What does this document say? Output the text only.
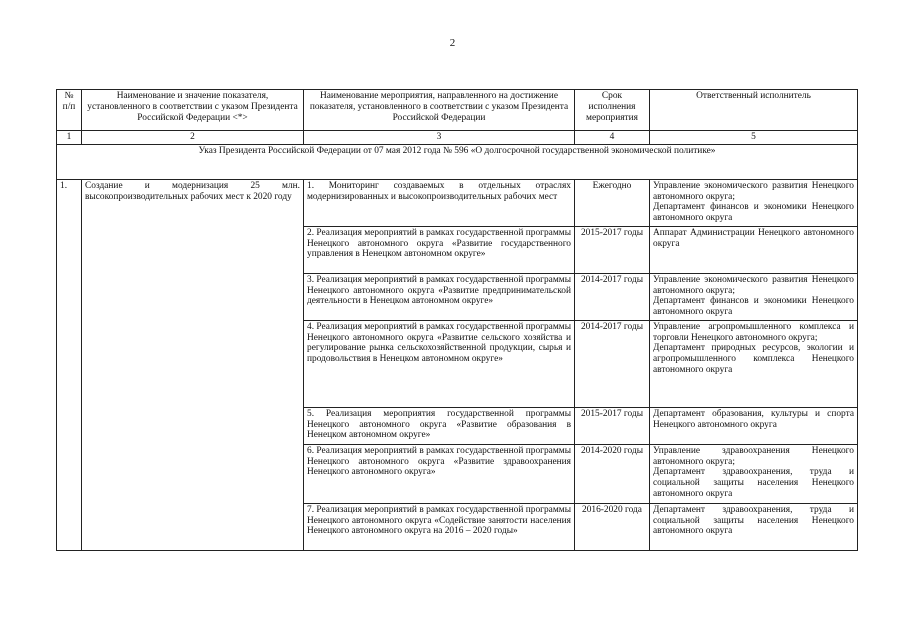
2
№ п/п	Наименование и значение показателя, установленного в соответствии с указом Президента Российской Федерации <*>	Наименование мероприятия, направленного на достижение показателя, установленного в соответствии с указом Президента Российской Федерации	Срок исполнения мероприятия	Ответственный исполнитель
1	2	3	4	5
Указ Президента Российской Федерации от 07 мая 2012 года № 596 «О долгосрочной государственной экономической политике»				
1.	Создание и модернизация 25 млн. высокопроизводительных рабочих мест к 2020 году	1. Мониторинг создаваемых в отдельных отраслях модернизированных и высокопроизводительных рабочих мест	Ежегодно	Управление экономического развития Ненецкого автономного округа;
Департамент финансов и экономики Ненецкого автономного округа
		2. Реализация мероприятий в рамках государственной программы Ненецкого автономного округа «Развитие государственного управления в Ненецком автономном округе»	2015-2017 годы	Аппарат Администрации Ненецкого автономного округа
		3. Реализация мероприятий в рамках государственной программы Ненецкого автономного округа «Развитие предпринимательской деятельности в Ненецком автономном округе»	2014-2017 годы	Управление экономического развития Ненецкого автономного округа;
Департамент финансов и экономики Ненецкого автономного округа
		4. Реализация мероприятий в рамках государственной программы Ненецкого автономного округа «Развитие сельского хозяйства и регулирование рынка сельскохозяйственной продукции, сырья и продовольствия в Ненецком автономном округе»	2014-2017 годы	Управление агропромышленного комплекса и торговли Ненецкого автономного округа;
Департамент природных ресурсов, экологии и агропромышленного комплекса Ненецкого автономного округа
		5. Реализация мероприятия государственной программы Ненецкого автономного округа «Развитие образования в Ненецком автономном округе»	2015-2017 годы	Департамент образования, культуры и спорта Ненецкого автономного округа
		6. Реализация мероприятий в рамках государственной программы Ненецкого автономного округа «Развитие здравоохранения Ненецкого автономного округа»	2014-2020 годы	Управление здравоохранения Ненецкого автономного округа;
Департамент здравоохранения, труда и социальной защиты населения Ненецкого автономного округа
		7. Реализация мероприятий в рамках государственной программы Ненецкого автономного округа «Содействие занятости населения Ненецкого автономного округа на 2016 – 2020 годы»	2016-2020 года	Департамент здравоохранения, труда и социальной защиты населения Ненецкого автономного округа
